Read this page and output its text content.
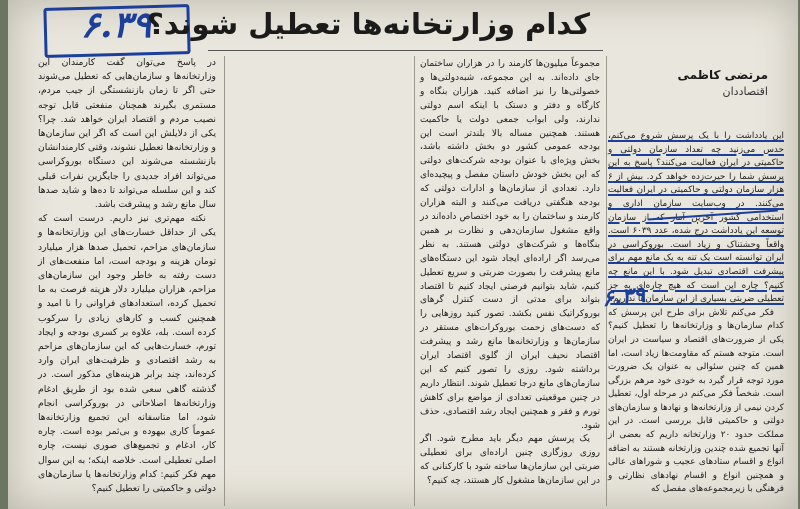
۶.۳۹
کدام وزارتخانه‌ها تعطیل شوند؟
مرتضی کاظمی
اقتصاددان

این یادداشت را با یک پرسش شروع می‌کنم، حدس می‌زنید چه تعداد سازمان دولتی و حاکمیتی در ایران فعالیت می‌کنند؟ پاسخ به این پرسش شما را حیرت‌زده خواهد کرد. بیش از ۶ هزار سازمان دولتی و حاکمیتی در ایران فعالیت می‌کنند. در وب‌سایت سازمان اداری و استخدامی کشور آخرین آمار که از سازمان توسعه این یادداشت درج شده، عدد ۶۰۳۹ است. واقعاً وحشتناک و زیاد است. بوروکراسی در ایران توانسته است یک تنه به یک مانع مهم برای پیشرفت اقتصادی تبدیل شود. با این مانع چه کنیم؟ چاره این است که هیچ چاره‌ای به جز تعطیلی ضربتی بسیاری از این سازمان‌ها نداریم.

فکر می‌کنم تلاش برای طرح این پرسش که کدام سازمان‌ها و وزارتخانه‌ها را تعطیل کنیم؟ یکی از ضرورت‌های اقتصاد و سیاست در ایران است. متوجه هستم که مقاومت‌ها زیاد است، اما همین که چنین سئوالی به عنوان یک ضرورت مورد توجه قرار گیرد به خودی خود مرهم بزرگی است. شخصاً فکر می‌کنم در مرحله اول، تعطیل کردن نیمی از وزارتخانه‌ها و نهادها و سازمان‌های دولتی و حاکمیتی قابل بررسی است. در این مملکت حدود ۲۰ وزارتخانه داریم که بعضی از آنها تجمیع شده چندین وزارتخانه هستند به اضافه انواع و اقسام ستادهای عجیب و شوراهای عالی و همچنین انواع و اقسام نهادهای نظارتی و فرهنگی با زیرمجموعه‌های مفصل که

۶.۳۹

مجموعاً میلیون‌ها کارمند را در هزاران ساختمان جای داده‌اند. به این مجموعه، شبه‌دولتی‌ها و خصولتی‌ها را نیز اضافه کنید. هزاران بنگاه و کارگاه و دفتر و دستک با اینکه اسم دولتی ندارند، ولی ابواب جمعی دولت یا حاکمیت هستند. همچنین مساله بالا بلندتر است این بودجه عمومی کشور دو بخش داشته باشد، بخش ویژه‌ای با عنوان بودجه شرکت‌های دولتی که این بخش خودش داستان مفصل و پیچیده‌ای دارد. تعدادی از سازمان‌ها و ادارات دولتی که بودجه هنگفتی دریافت می‌کنند و البته هزاران کارمند و ساختمان را به خود اختصاص داده‌اند در واقع مشغول سازمان‌دهی و نظارت بر همین بنگاه‌ها و شرکت‌های دولتی هستند. به نظر می‌رسد اگر اراده‌ای ایجاد شود این دستگاه‌های مانع پیشرفت را بصورت ضربتی و سریع تعطیل کنیم، شاید بتوانیم فرصتی ایجاد کنیم تا اقتصاد بتواند برای مدتی از دست کنترل گرهای بوروکراتیک نفس بکشد. تصور کنید روزهایی را که دست‌های زحمت بوروکرات‌های مستقر در سازمان‌ها و وزارتخانه‌ها مانع رشد و پیشرفت اقتصاد نحیف ایران از گلوی اقتصاد ایران برداشته شود. روزی را تصور کنیم که این سازمان‌های مانع درجا تعطیل شوند. انتظار داریم در چنین موقعیتی تعدادی از مواضع برای کاهش تورم و فقر و همچنین ایجاد رشد اقتصادی، حذف شود.

یک پرسش مهم دیگر باید مطرح شود. اگر روزی روزگاری چنین اراده‌ای برای تعطیلی ضربتی این سازمان‌ها ساخته شود با کارکنانی که در این سازمان‌ها مشغول کار هستند، چه کنیم؟

در پاسخ می‌توان گفت کارمندان این وزارتخانه‌ها و سازمان‌هایی که تعطیل می‌شوند حتی اگر تا زمان بازنشستگی از جیب مردم، مستمری بگیرند همچنان منفعتی قابل توجه نصیب مردم و اقتصاد ایران خواهد شد. چرا؟ یکی از دلایلش این است که اگر این سازمان‌ها و وزارتخانه‌ها تعطیل نشوند، وقتی کارمندانشان بازنشسته می‌شوند این دستگاه بوروکراسی می‌تواند افراد جدیدی را جایگزین نفرات قبلی کند و این سلسله می‌تواند تا ده‌ها و شاید صدها سال مانع رشد و پیشرفت باشد.

نکته مهم‌تری نیز داریم. درست است که یکی از حداقل خسارت‌های این وزارتخانه‌ها و سازمان‌های مزاحم، تحمیل صدها هزار میلیارد تومان هزینه و بودجه است، اما منفعت‌های از دست رفته به خاطر وجود این سازمان‌های مزاحم، هزاران میلیارد دلار هزینه فرصت به ما تحمیل کرده، استعدادهای فراوانی را نا امید و همچنین کسب و کارهای زیادی را سرکوب کرده است. بله، علاوه بر کسری بودجه و ایجاد تورم، خسارت‌هایی که این سازمان‌های مزاحم به رشد اقتصادی و ظرفیت‌های ایران وارد کرده‌اند، چند برابر هزینه‌های مذکور است. در گذشته گاهی سعی شده بود از طریق ادغام وزارتخانه‌ها اصلاحاتی در بوروکراسی انجام شود، اما متاسفانه این تجمیع وزارتخانه‌ها عموماً کاری بیهوده و بی‌ثمر بوده است. چاره کار، ادغام و تجمیع‌های صوری نیست، چاره اصلی تعطیلی است. خلاصه اینکه؛ به این سوال مهم فکر کنیم: کدام وزارتخانه‌ها یا سازمان‌های دولتی و حاکمیتی را تعطیل کنیم؟
